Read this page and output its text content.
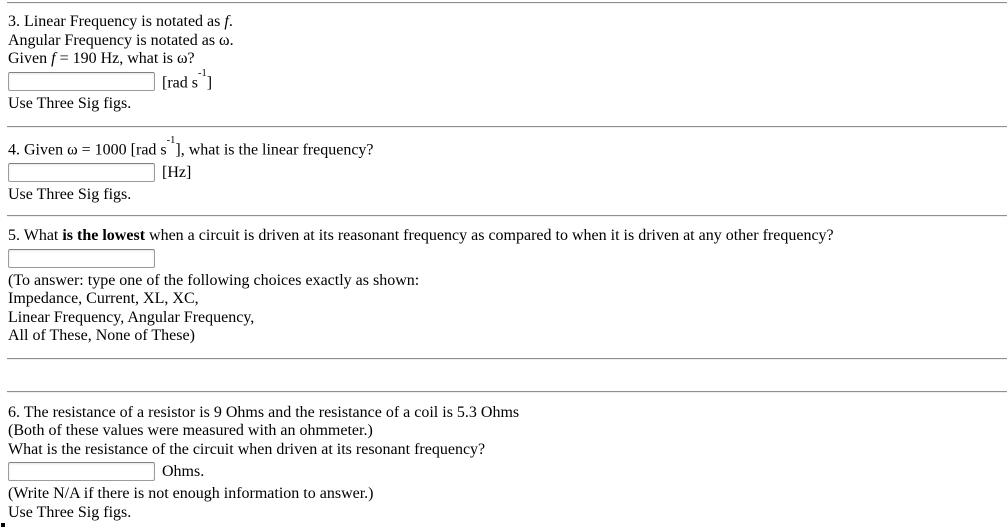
3. Linear Frequency is notated as f.
Angular Frequency is notated as ω.
Given f = 190 Hz, what is ω?
[rad $s^{-1}$]
Use Three Sig figs.
4. Given ω = 1000 [rad $s^{-1}$], what is the linear frequency?
[Hz]
Use Three Sig figs.
5. What is the lowest when a circuit is driven at its reasonant frequency as compared to when it is driven at any other frequency?
(To answer: type one of the following choices exactly as shown:
Impedance, Current, XL, XC,
Linear Frequency, Angular Frequency,
All of These, None of These)
6. The resistance of a resistor is 9 Ohms and the resistance of a coil is 5.3 Ohms
(Both of these values were measured with an ohmmeter.)
What is the resistance of the circuit when driven at its resonant frequency?
Ohms.
(Write N/A if there is not enough information to answer.)
Use Three Sig figs.
